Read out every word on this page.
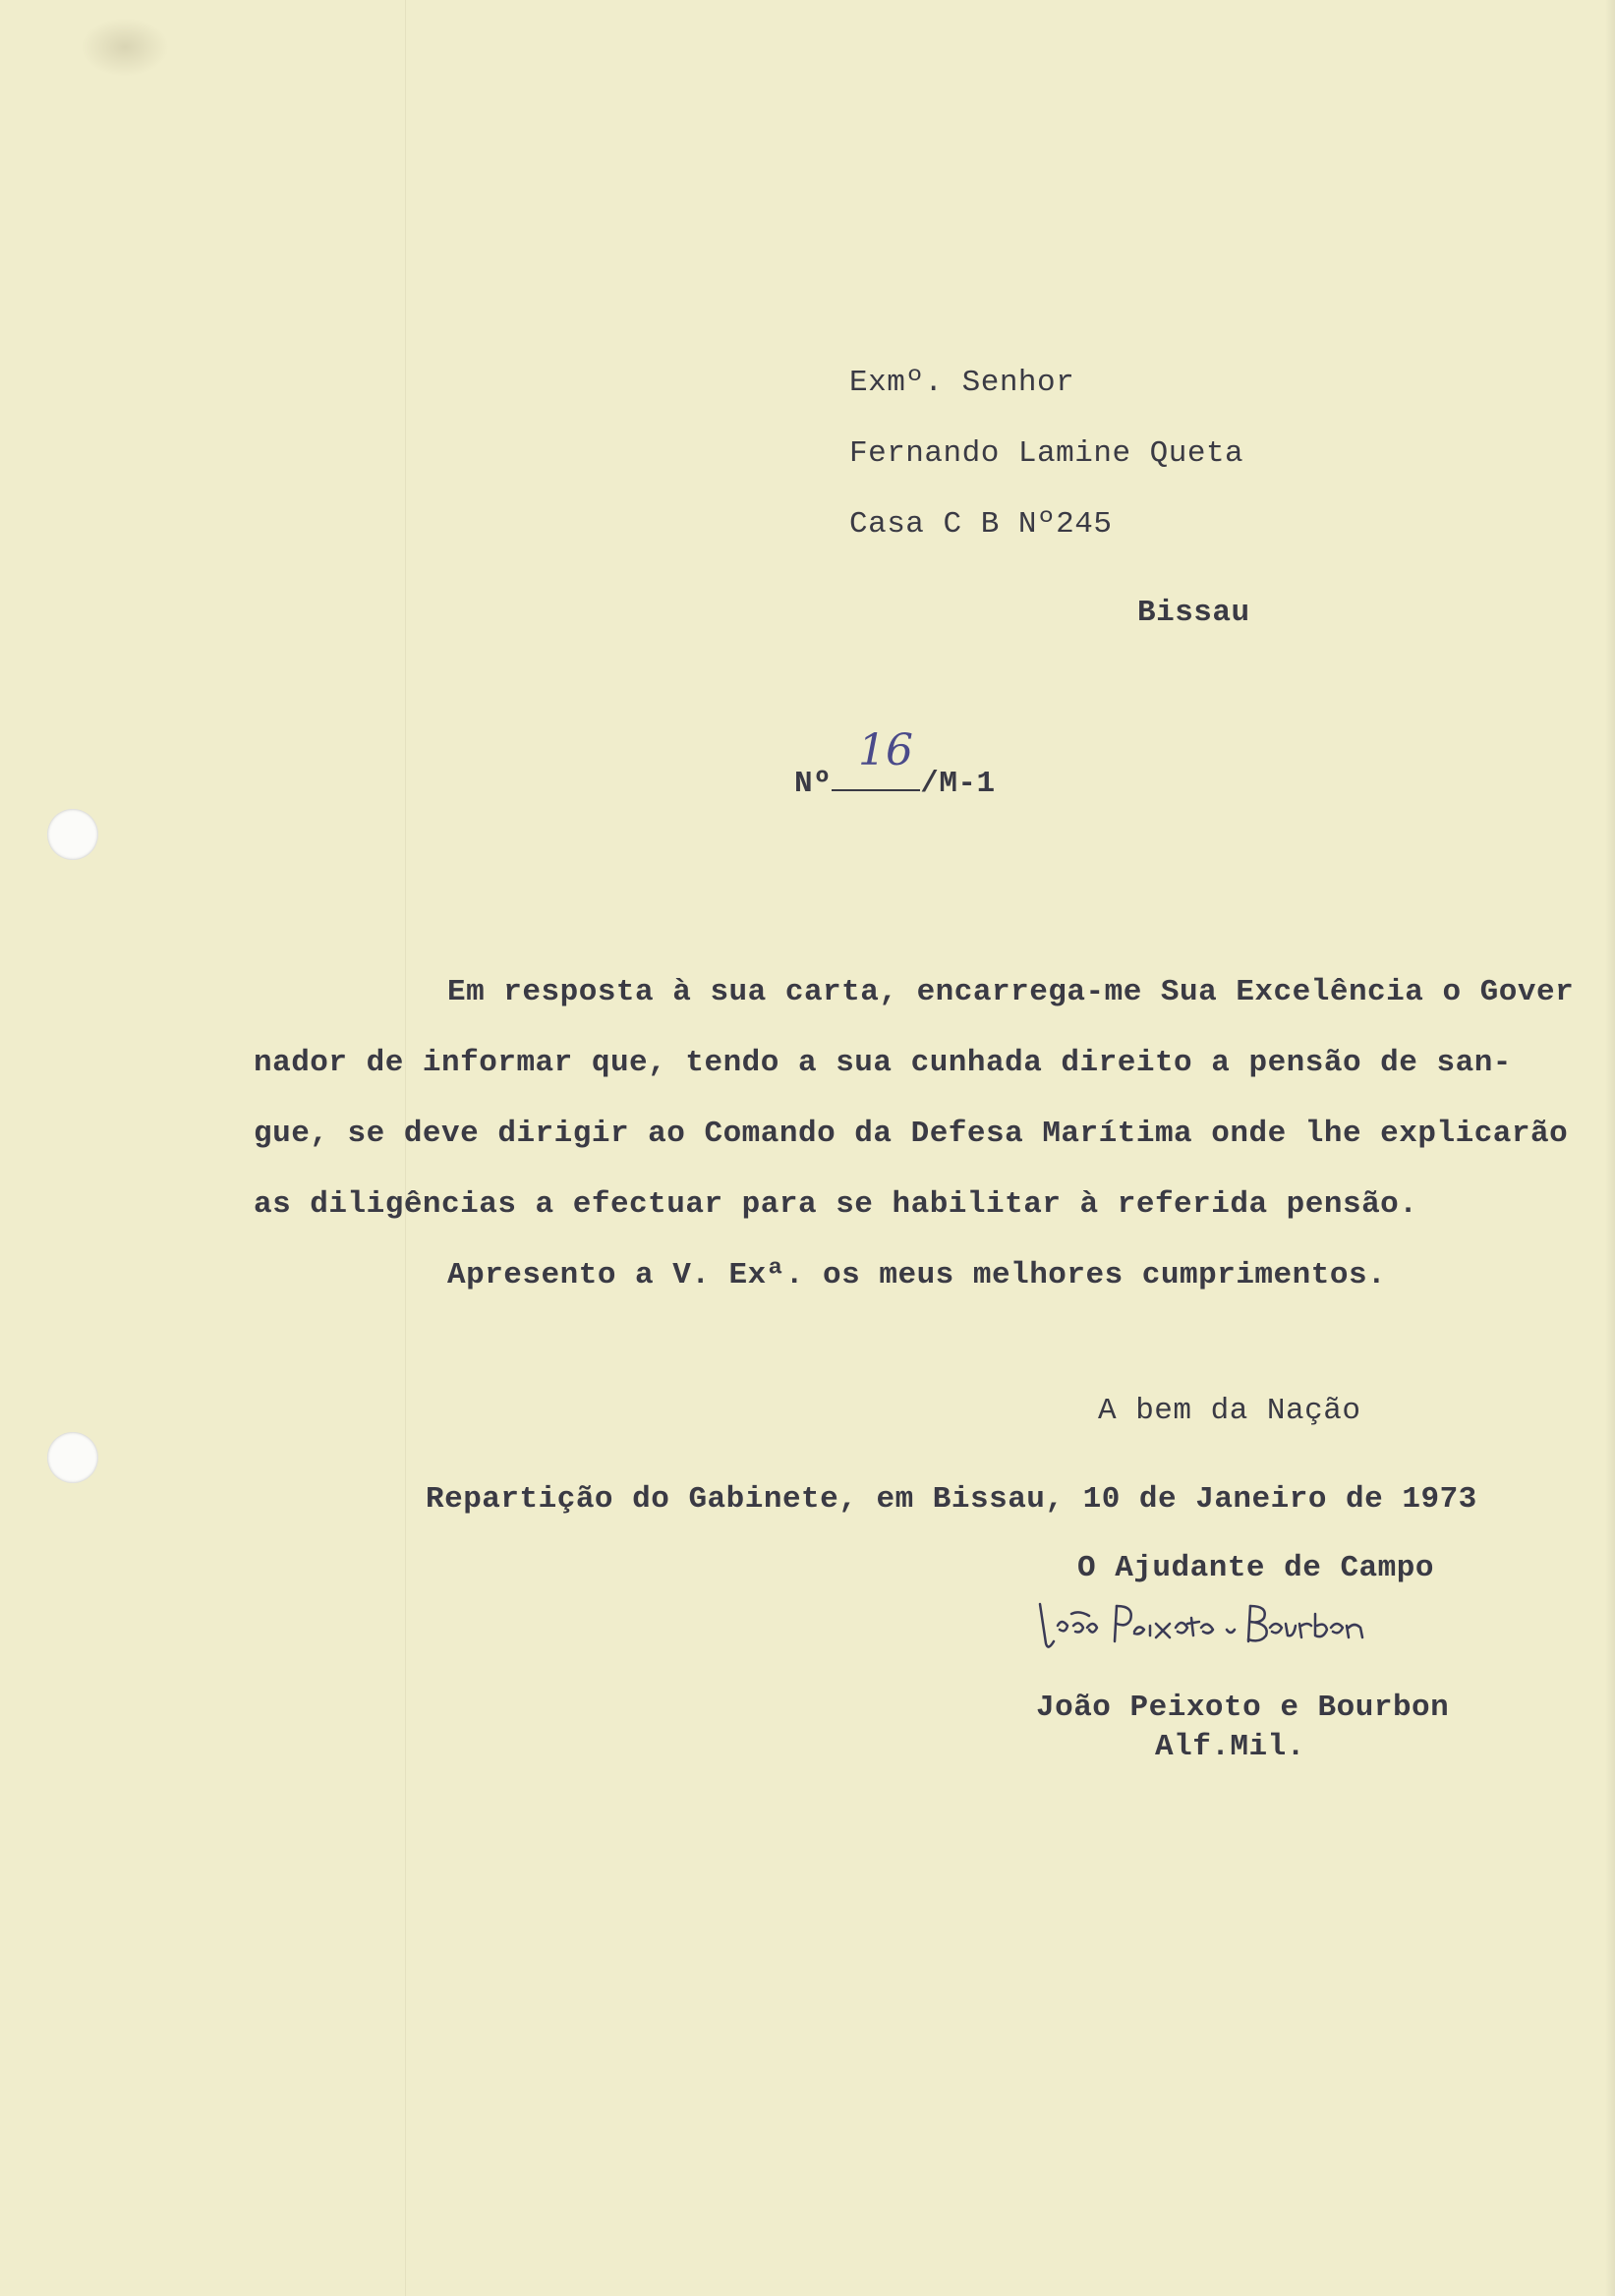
Exmº. Senhor
Fernando Lamine Queta
Casa C B Nº245
Bissau
Nº	/M-1
16
Em resposta à sua carta, encarrega-me Sua Excelência o Gover
nador de informar que, tendo a sua cunhada direito a pensão de san-
gue, se deve dirigir ao Comando da Defesa Marítima onde lhe explicarão
as diligências a efectuar para se habilitar à referida pensão.
Apresento a V. Exª. os meus melhores cumprimentos.
A bem da Nação
Repartição do Gabinete, em Bissau, 10 de Janeiro de 1973
O Ajudante de Campo
João Peixoto e Bourbon
Alf.Mil.
